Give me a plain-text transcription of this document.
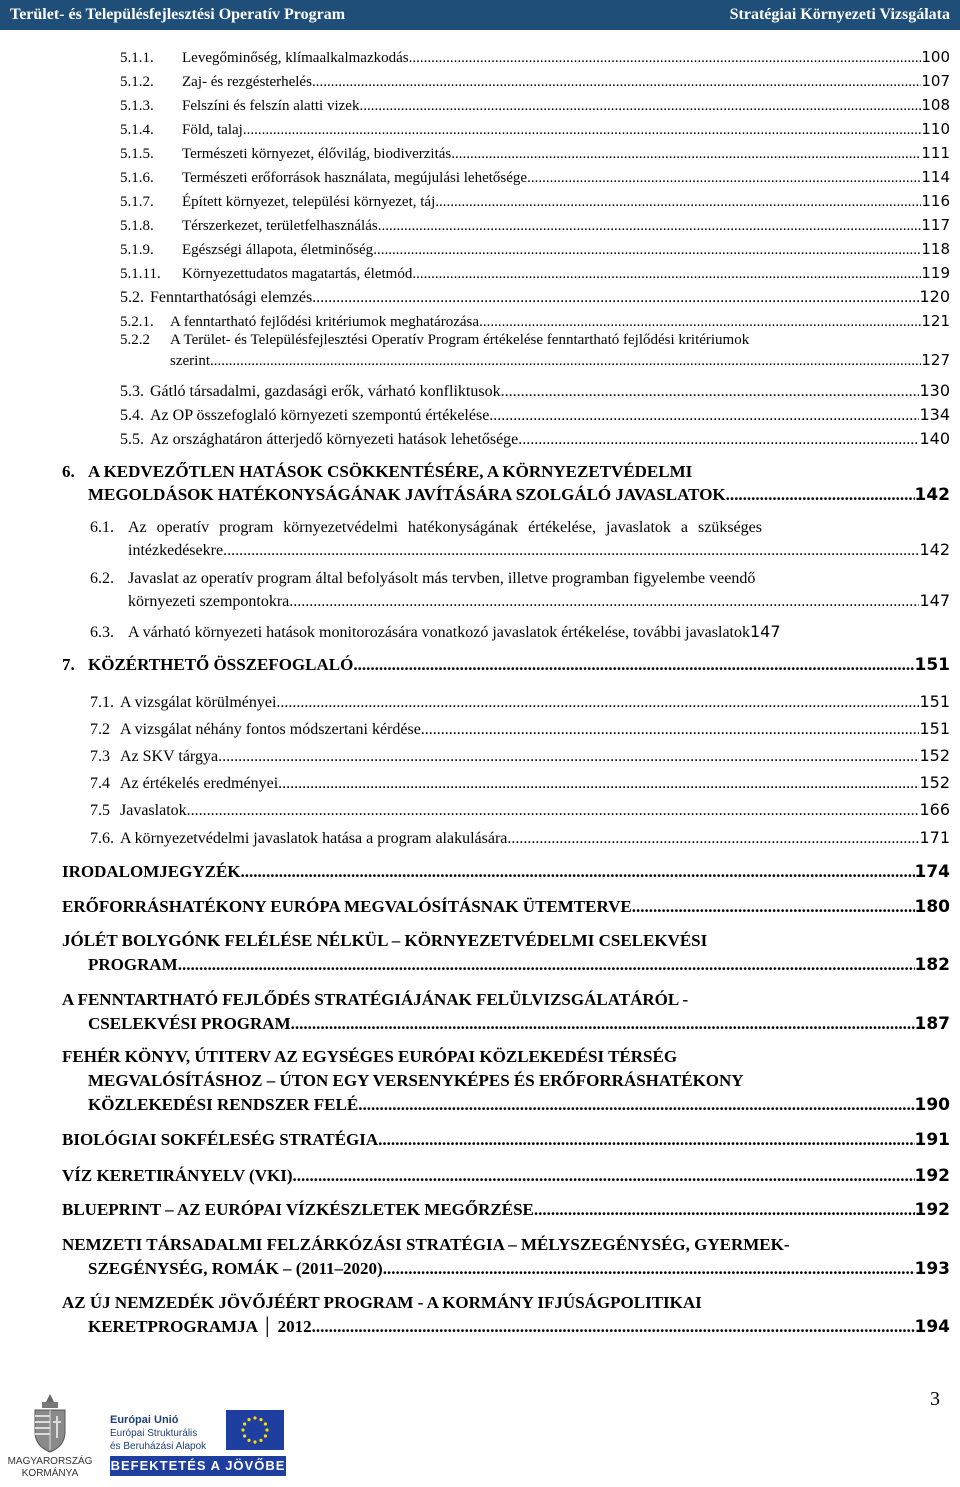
Terület- és Településfejlesztési Operatív Program	Stratégiai Környezeti Vizsgálata
5.1.1.	Levegőminőség, klímaalkalmazkodás .....	100
5.1.2.	Zaj- és rezgésterhelés .....	107
5.1.3.	Felszíni és felszín alatti vizek .....	108
5.1.4.	Föld, talaj .....	110
5.1.5.	Természeti környezet, élővilág, biodiverzitás .....	111
5.1.6.	Természeti erőforrások használata, megújulási lehetősége .....	114
5.1.7.	Épített környezet, települési környezet, táj .....	116
5.1.8.	Térszerkezet, területfelhasználás .....	117
5.1.9.	Egészségi állapota, életminőség .....	118
5.1.11.	Környezettudatos magatartás, életmód .....	119
5.2. Fenntarthatósági elemzés .....	120
5.2.1.	A fenntartható fejlődési kritériumok meghatározása .....	121
5.2.2	A Terület- és Településfejlesztési Operatív Program értékelése fenntartható fejlődési kritériumok
szerint .....	127
5.3. Gátló társadalmi, gazdasági erők, várható konfliktusok .....	130
5.4. Az OP összefoglaló környezeti szempontú értékelése .....	134
5.5. Az országhatáron átterjedő környezeti hatások lehetősége .....	140
6. A KEDVEZŐTLEN HATÁSOK CSÖKKENTÉSÉRE, A KÖRNYEZETVÉDELMI
MEGOLDÁSOK HATÉKONYSÁGÁNAK JAVÍTÁSÁRA SZOLGÁLÓ JAVASLATOK .....	142
6.1. Az operatív program környezetvédelmi hatékonyságának értékelése, javaslatok a szükséges
intézkedésekre .....	142
6.2. Javaslat az operatív program által befolyásolt más tervben, illetve programban figyelembe veendő
környezeti szempontokra .....	147
6.3. A várható környezeti hatások monitorozására vonatkozó javaslatok értékelése, további javaslatok 147
7. KÖZÉRTHETŐ ÖSSZEFOGLALÓ .....	151
7.1. A vizsgálat körülményei .....	151
7.2 A vizsgálat néhány fontos módszertani kérdése .....	151
7.3 Az SKV tárgya .....	152
7.4 Az értékelés eredményei .....	152
7.5 Javaslatok .....	166
7.6. A környezetvédelmi javaslatok hatása a program alakulására .....	171
IRODALOMJEGYZÉK .....	174
ERŐFORRÁSHATÉKONY EURÓPA MEGVALÓSÍTÁSNAK ÜTEMTERVE .....	180
JÓLÉT BOLYGÓNK FELÉLÉSE NÉLKÜL – KÖRNYEZETVÉDELMI CSELEKVÉSI
PROGRAM .....	182
A FENNTARTHATÓ FEJLŐDÉS STRATÉGIÁJÁNAK FELÜLVIZSGÁLATÁRÓL -
CSELEKVÉSI PROGRAM .....	187
FEHÉR KÖNYV, ÚTITERV AZ EGYSÉGES EURÓPAI KÖZLEKEDÉSI TÉRSÉG
MEGVALÓSÍTÁSHOZ – ÚTON EGY VERSENYKÉPES ÉS ERŐFORRÁSHATÉKONY
KÖZLEKEDÉSI RENDSZER FELÉ .....	190
BIOLÓGIAI SOKFÉLESÉG STRATÉGIA .....	191
VÍZ KERETIRÁNYELV (VKI) .....	192
BLUEPRINT – AZ EURÓPAI VÍZKÉSZLETEK MEGŐRZÉSE .....	192
NEMZETI TÁRSADALMI FELZÁRKÓZÁSI STRATÉGIA – MÉLYSZEGÉNYSÉG, GYERMEK-
SZEGÉNYSÉG, ROMÁK – (2011–2020) .....	193
AZ ÚJ NEMZEDÉK JÖVŐJÉÉRT PROGRAM - A KORMÁNY IFJÚSÁGPOLITIKAI
KERETPROGRAMJA │ 2012 .....	194
MAGYARORSZÁG
KORMÁNYA
Európai Unió
Európai Strukturális
és Beruházási Alapok
BEFEKTETÉS A JÖVŐBE
3
